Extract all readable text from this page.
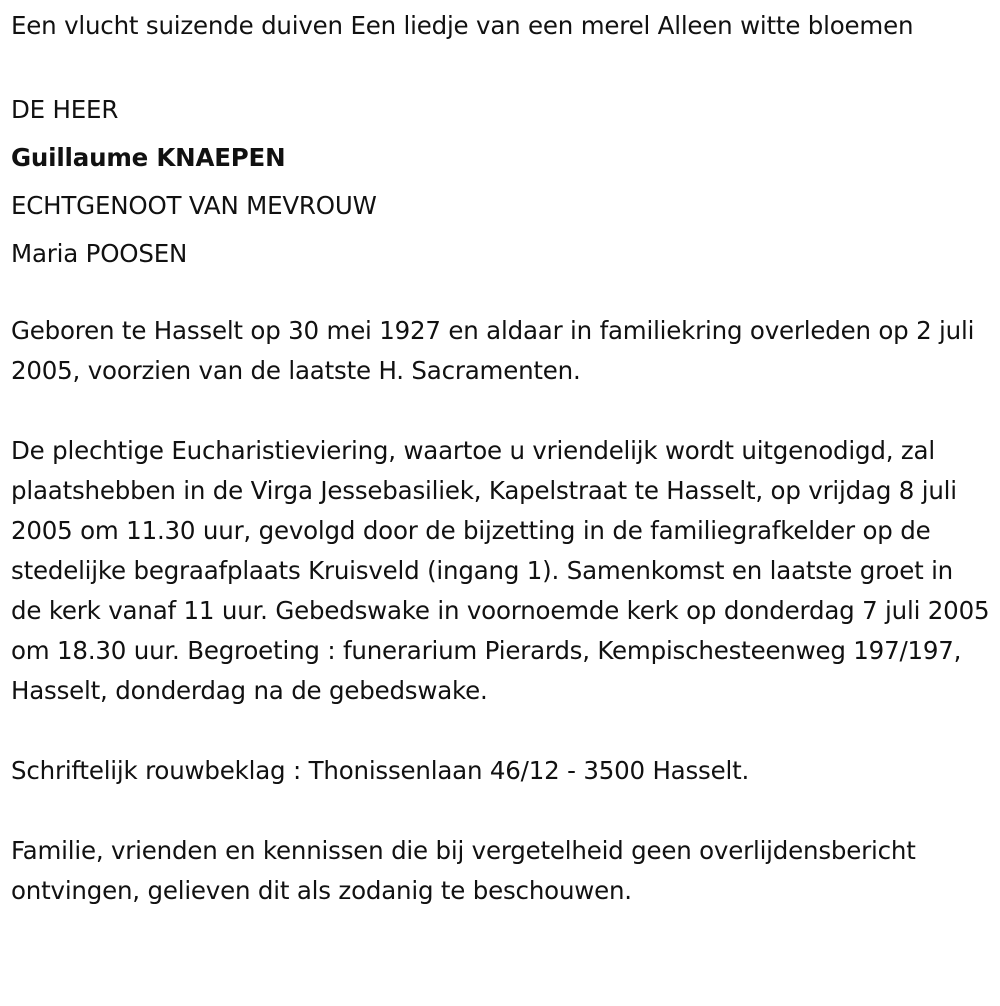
Een vlucht suizende duiven Een liedje van een merel Alleen witte bloemen

DE HEER

Guillaume KNAEPEN

ECHTGENOOT VAN MEVROUW

Maria POOSEN

Geboren te Hasselt op 30 mei 1927 en aldaar in familiekring overleden op 2 juli 2005, voorzien van de laatste H. Sacramenten.

De plechtige Eucharistieviering, waartoe u vriendelijk wordt uitgenodigd, zal plaatshebben in de Virga Jessebasiliek, Kapelstraat te Hasselt, op vrijdag 8 juli 2005 om 11.30 uur, gevolgd door de bijzetting in de familiegrafkelder op de stedelijke begraafplaats Kruisveld (ingang 1). Samenkomst en laatste groet in de kerk vanaf 11 uur. Gebedswake in voornoemde kerk op donderdag 7 juli 2005 om 18.30 uur. Begroeting : funerarium Pierards, Kempischesteenweg 197/197, Hasselt, donderdag na de gebedswake.

Schriftelijk rouwbeklag : Thonissenlaan 46/12 - 3500 Hasselt.

Familie, vrienden en kennissen die bij vergetelheid geen overlijdensbericht ontvingen, gelieven dit als zodanig te beschouwen.
